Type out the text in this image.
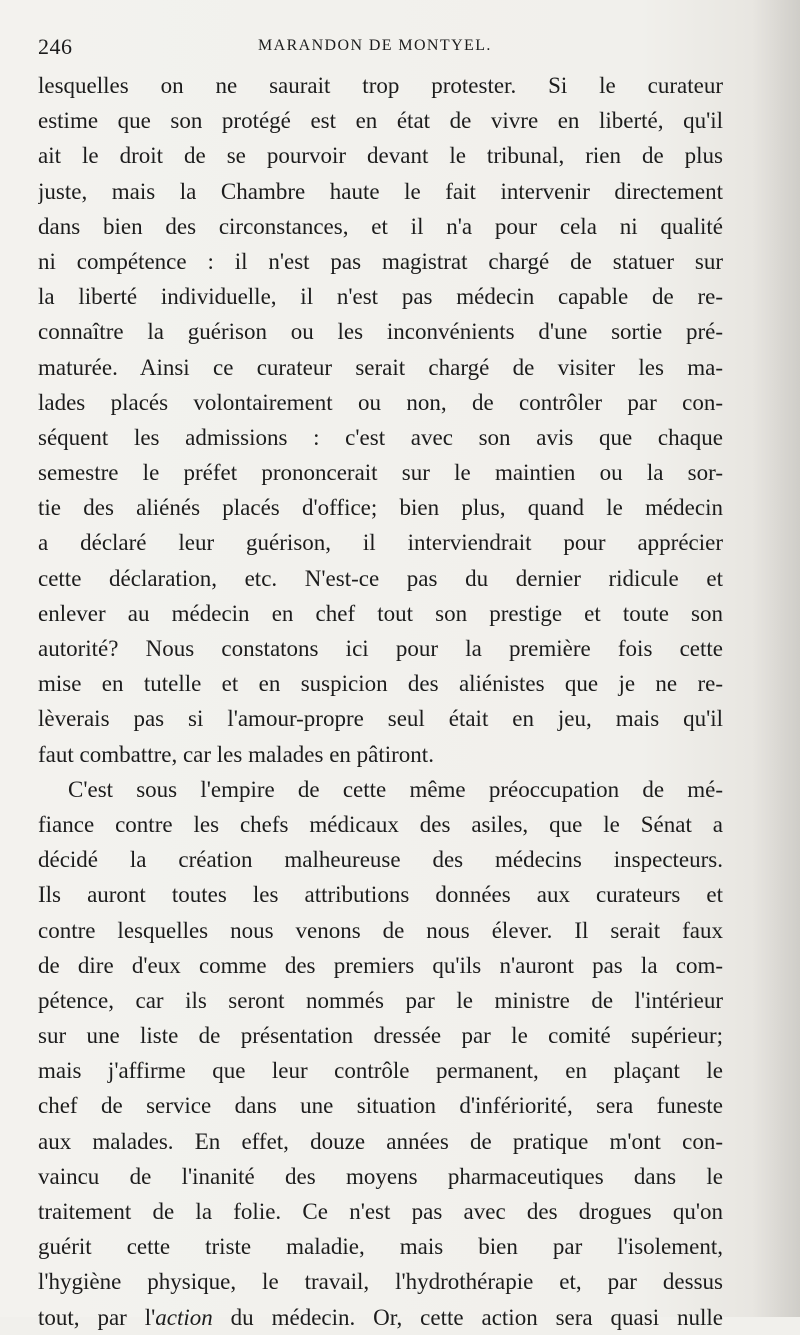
246	MARANDON DE MONTYEL.
lesquelles on ne saurait trop protester. Si le curateur
estime que son protégé est en état de vivre en liberté, qu'il
ait le droit de se pourvoir devant le tribunal, rien de plus
juste, mais la Chambre haute le fait intervenir directement
dans bien des circonstances, et il n'a pour cela ni qualité
ni compétence : il n'est pas magistrat chargé de statuer sur
la liberté individuelle, il n'est pas médecin capable de re-
connaître la guérison ou les inconvénients d'une sortie pré-
maturée. Ainsi ce curateur serait chargé de visiter les ma-
lades placés volontairement ou non, de contrôler par con-
séquent les admissions : c'est avec son avis que chaque
semestre le préfet prononcerait sur le maintien ou la sor-
tie des aliénés placés d'office; bien plus, quand le médecin
a déclaré leur guérison, il interviendrait pour apprécier
cette déclaration, etc. N'est-ce pas du dernier ridicule et
enlever au médecin en chef tout son prestige et toute son
autorité? Nous constatons ici pour la première fois cette
mise en tutelle et en suspicion des aliénistes que je ne re-
lèverais pas si l'amour-propre seul était en jeu, mais qu'il
faut combattre, car les malades en pâtiront.
C'est sous l'empire de cette même préoccupation de mé-
fiance contre les chefs médicaux des asiles, que le Sénat a
décidé la création malheureuse des médecins inspecteurs.
Ils auront toutes les attributions données aux curateurs et
contre lesquelles nous venons de nous élever. Il serait faux
de dire d'eux comme des premiers qu'ils n'auront pas la com-
pétence, car ils seront nommés par le ministre de l'intérieur
sur une liste de présentation dressée par le comité supérieur;
mais j'affirme que leur contrôle permanent, en plaçant le
chef de service dans une situation d'infériorité, sera funeste
aux malades. En effet, douze années de pratique m'ont con-
vaincu de l'inanité des moyens pharmaceutiques dans le
traitement de la folie. Ce n'est pas avec des drogues qu'on
guérit cette triste maladie, mais bien par l'isolement,
l'hygiène physique, le travail, l'hydrothérapie et, par dessus
tout, par l'action du médecin. Or, cette action sera quasi nulle
